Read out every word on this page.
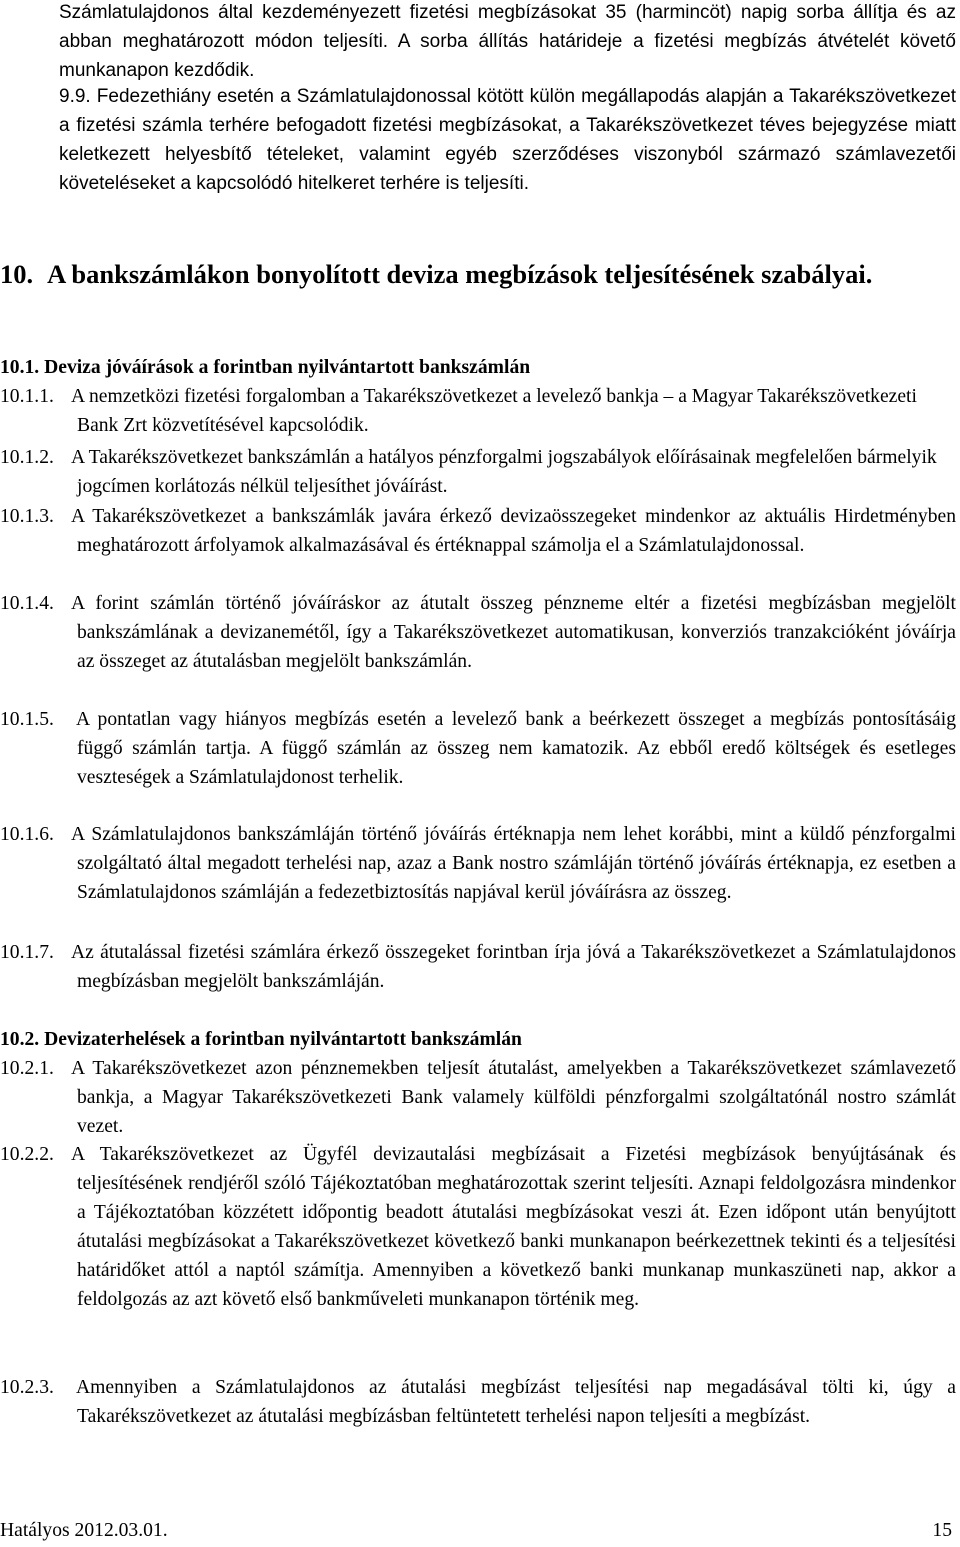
Számlatulajdonos által kezdeményezett fizetési megbízásokat 35 (harmincöt) napig sorba állítja és az abban meghatározott módon teljesíti. A sorba állítás határideje a fizetési megbízás átvételét követő munkanapon kezdődik.
9.9. Fedezethiány esetén a Számlatulajdonossal kötött külön megállapodás alapján a Takarékszövetkezet a fizetési számla terhére befogadott fizetési megbízásokat, a Takarékszövetkezet téves bejegyzése miatt keletkezett helyesbítő tételeket, valamint egyéb szerződéses viszonyból származó számlavezetői követeléseket a kapcsolódó hitelkeret terhére is teljesíti.
10. A bankszámlákon bonyolított deviza megbízások teljesítésének szabályai.
10.1. Deviza jóváírások a forintban nyilvántartott bankszámlán
10.1.1. A nemzetközi fizetési forgalomban a Takarékszövetkezet a levelező bankja – a Magyar Takarékszövetkezeti Bank Zrt közvetítésével kapcsolódik.
10.1.2. A Takarékszövetkezet bankszámlán a hatályos pénzforgalmi jogszabályok előírásainak megfelelően bármelyik jogcímen korlátozás nélkül teljesíthet jóváírást.
10.1.3. A Takarékszövetkezet a bankszámlák javára érkező devizaösszegeket mindenkor az aktuális Hirdetményben meghatározott árfolyamok alkalmazásával és értéknappal számolja el a Számlatulajdonossal.
10.1.4. A forint számlán történő jóváíráskor az átutalt összeg pénzneme eltér a fizetési megbízásban megjelölt bankszámlának a devizanemétől, így a Takarékszövetkezet automatikusan, konverziós tranzakcióként jóváírja az összeget az átutalásban megjelölt bankszámlán.
10.1.5. A pontatlan vagy hiányos megbízás esetén a levelező bank a beérkezett összeget a megbízás pontosításáig függő számlán tartja. A függő számlán az összeg nem kamatozik. Az ebből eredő költségek és esetleges veszteségek a Számlatulajdonost terhelik.
10.1.6. A Számlatulajdonos bankszámláján történő jóváírás értéknapja nem lehet korábbi, mint a küldő pénzforgalmi szolgáltató által megadott terhelési nap, azaz a Bank nostro számláján történő jóváírás értéknapja, ez esetben a Számlatulajdonos számláján a fedezetbiztosítás napjával kerül jóváírásra az összeg.
10.1.7. Az átutalással fizetési számlára érkező összegeket forintban írja jóvá a Takarékszövetkezet a Számlatulajdonos megbízásban megjelölt bankszámláján.
10.2. Devizaterhelések a forintban nyilvántartott bankszámlán
10.2.1. A Takarékszövetkezet azon pénznemekben teljesít átutalást, amelyekben a Takarékszövetkezet számlavezető bankja, a Magyar Takarékszövetkezeti Bank valamely külföldi pénzforgalmi szolgáltatónál nostro számlát vezet.
10.2.2. A Takarékszövetkezet az Ügyfél devizautalási megbízásait a Fizetési megbízások benyújtásának és teljesítésének rendjéről szóló Tájékoztatóban meghatározottak szerint teljesíti. Aznapi feldolgozásra mindenkor a Tájékoztatóban közzétett időpontig beadott átutalási megbízásokat veszi át. Ezen időpont után benyújtott átutalási megbízásokat a Takarékszövetkezet következő banki munkanapon beérkezettnek tekinti és a teljesítési határidőket attól a naptól számítja. Amennyiben a következő banki munkanap munkaszüneti nap, akkor a feldolgozás az azt követő első bankműveleti munkanapon történik meg.
10.2.3. Amennyiben a Számlatulajdonos az átutalási megbízást teljesítési nap megadásával tölti ki, úgy a Takarékszövetkezet az átutalási megbízásban feltüntetett terhelési napon teljesíti a megbízást.
Hatályos 2012.03.01.	15
